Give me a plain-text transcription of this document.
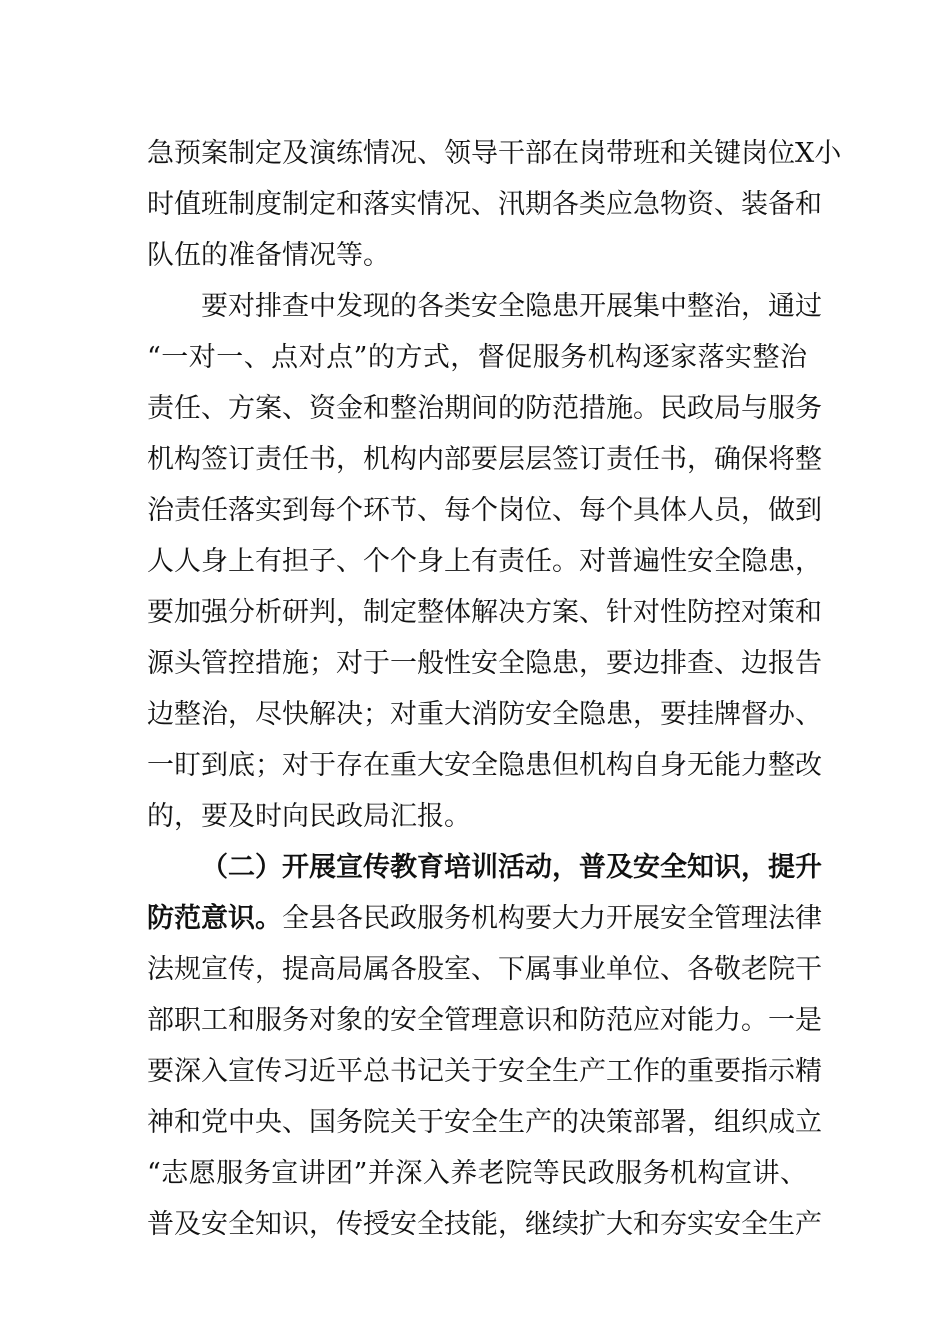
急预案制定及演练情况、领导干部在岗带班和关键岗位X小
时值班制度制定和落实情况、汛期各类应急物资、装备和
队伍的准备情况等。
要对排查中发现的各类安全隐患开展集中整治，通过
“一对一、点对点”的方式，督促服务机构逐家落实整治
责任、方案、资金和整治期间的防范措施。民政局与服务
机构签订责任书，机构内部要层层签订责任书，确保将整
治责任落实到每个环节、每个岗位、每个具体人员，做到
人人身上有担子、个个身上有责任。对普遍性安全隐患，
要加强分析研判，制定整体解决方案、针对性防控对策和
源头管控措施；对于一般性安全隐患，要边排查、边报告
边整治，尽快解决；对重大消防安全隐患，要挂牌督办、
一盯到底；对于存在重大安全隐患但机构自身无能力整改
的，要及时向民政局汇报。
（二）开展宣传教育培训活动，普及安全知识，提升
防范意识。全县各民政服务机构要大力开展安全管理法律
法规宣传，提高局属各股室、下属事业单位、各敬老院干
部职工和服务对象的安全管理意识和防范应对能力。一是
要深入宣传习近平总书记关于安全生产工作的重要指示精
神和党中央、国务院关于安全生产的决策部署，组织成立
“志愿服务宣讲团”并深入养老院等民政服务机构宣讲、
普及安全知识，传授安全技能，继续扩大和夯实安全生产
